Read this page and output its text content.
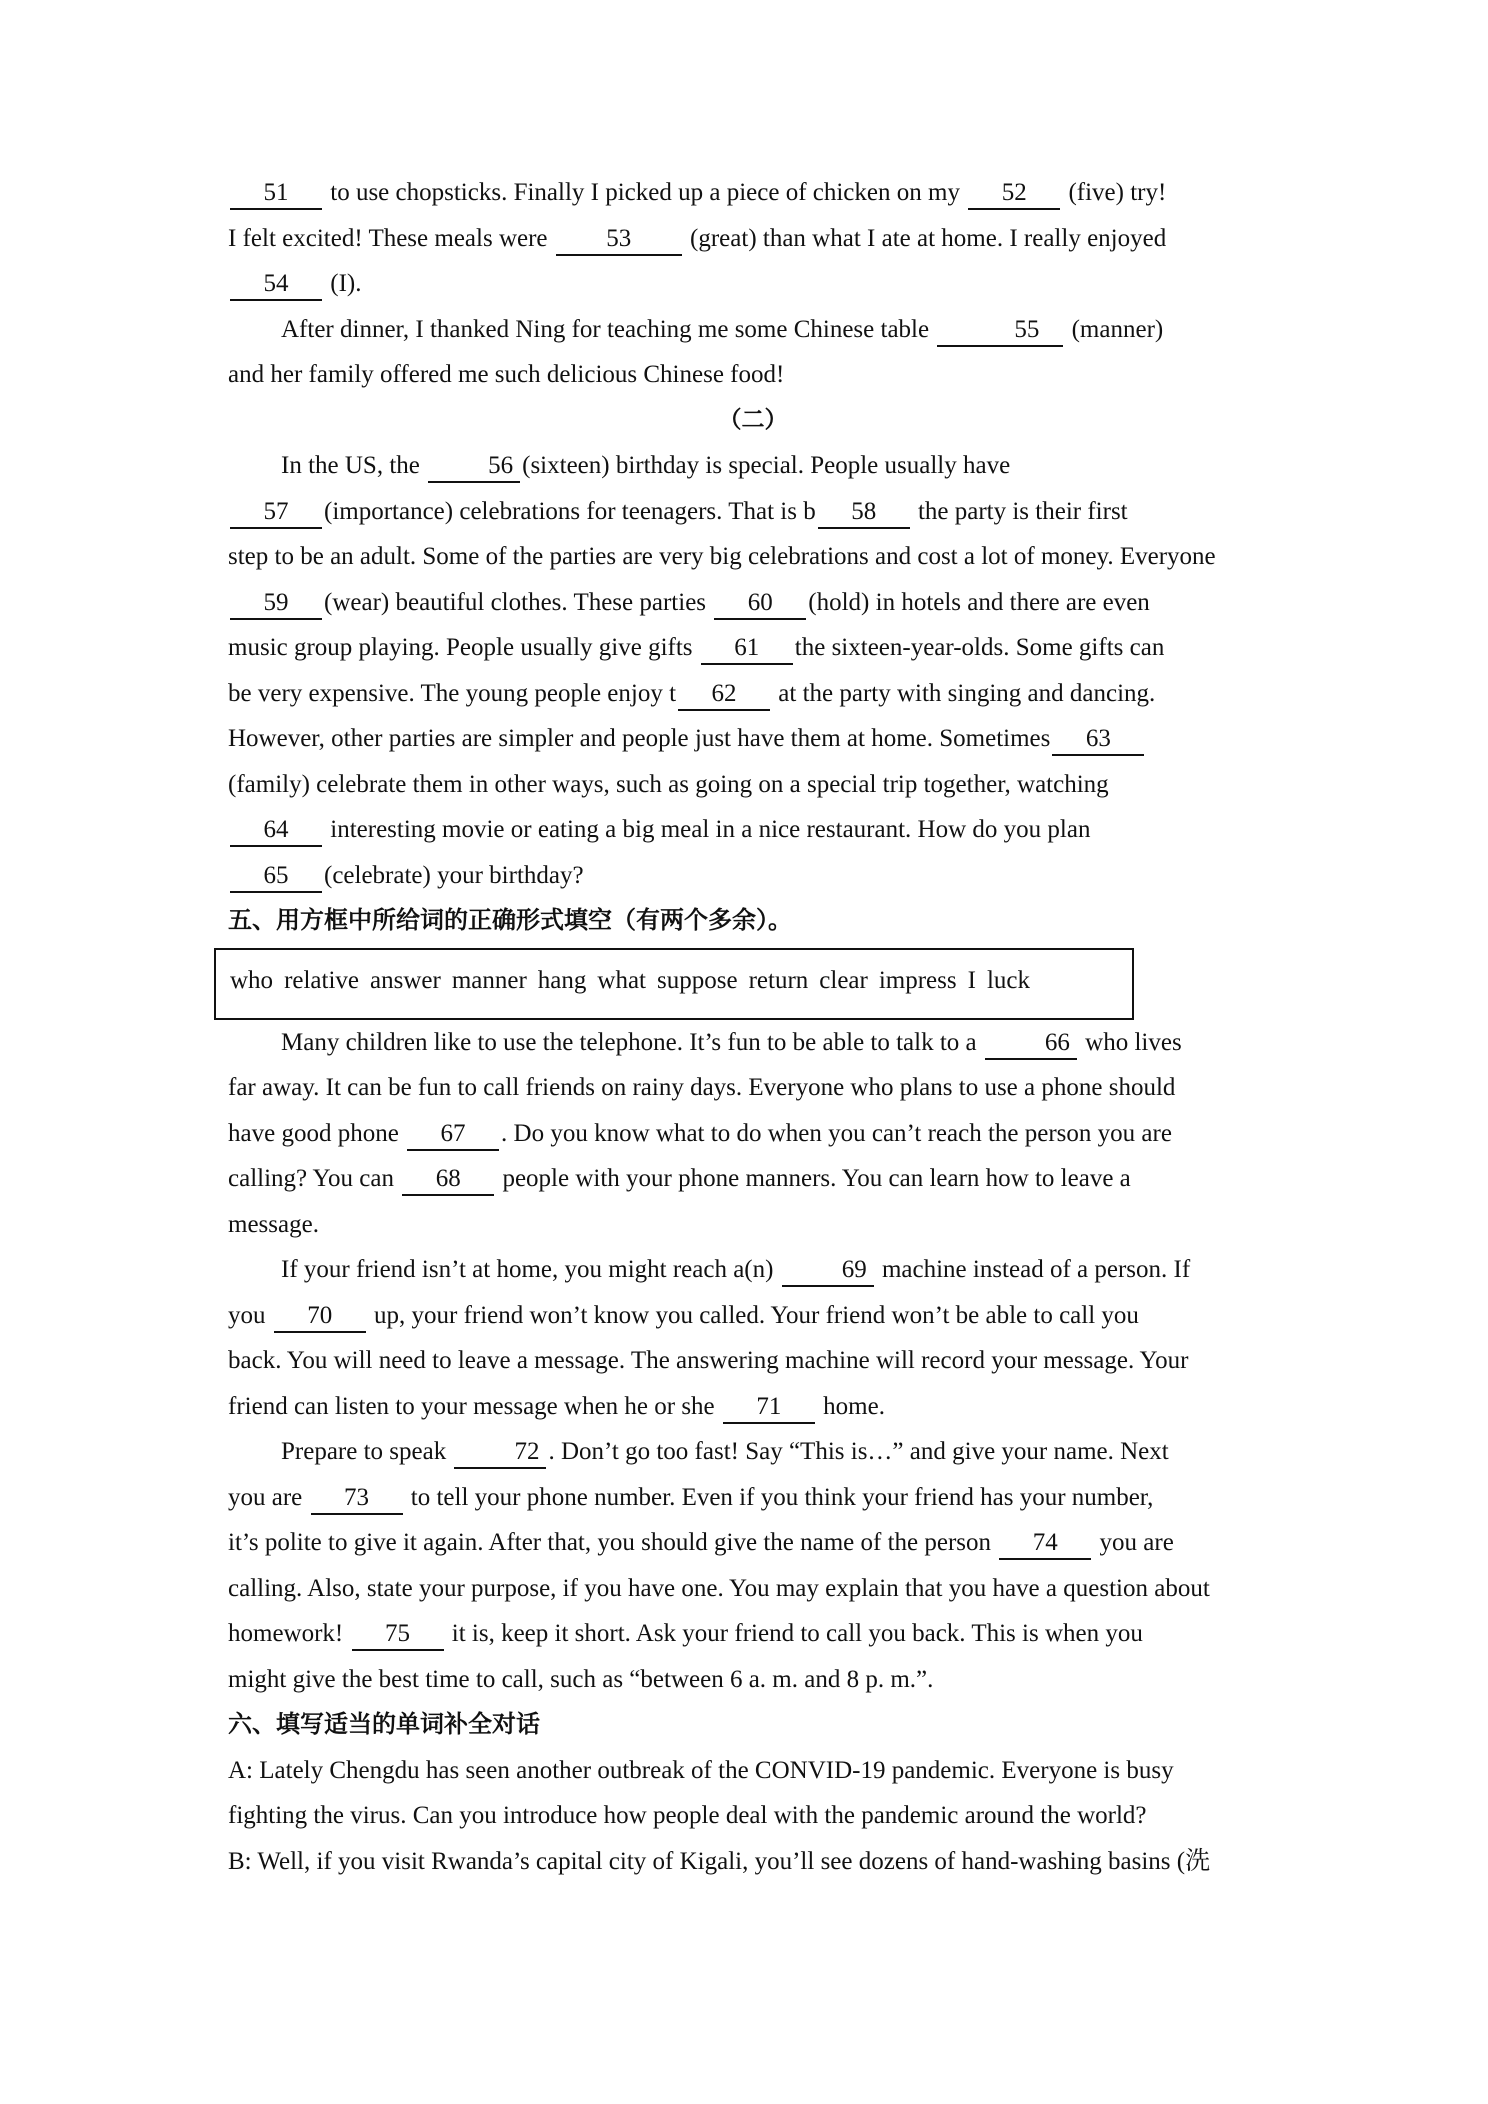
51 to use chopsticks. Finally I picked up a piece of chicken on my 52 (five) try!
I felt excited! These meals were 53 (great) than what I ate at home. I really enjoyed
54 (I).
After dinner, I thanked Ning for teaching me some Chinese table	55 (manner)
and her family offered me such delicious Chinese food!
（二）
In the US, the 56 (sixteen) birthday is special. People usually have
57 (importance) celebrations for teenagers. That is b 58 the party is their first
step to be an adult. Some of the parties are very big celebrations and cost a lot of money. Everyone
59 (wear) beautiful clothes. These parties 60 (hold) in hotels and there are even
music group playing. People usually give gifts 61 the sixteen-year-olds. Some gifts can
be very expensive. The young people enjoy t 62 at the party with singing and dancing.
However, other parties are simpler and people just have them at home. Sometimes 63
(family) celebrate them in other ways, such as going on a special trip together, watching
64 interesting movie or eating a big meal in a nice restaurant. How do you plan
65 (celebrate) your birthday?
五、用方框中所给词的正确形式填空（有两个多余）。
who relative answer manner hang what suppose return clear impress I luck
Many children like to use the telephone. It’s fun to be able to talk to a 66 who lives
far away. It can be fun to call friends on rainy days. Everyone who plans to use a phone should
have good phone 67 . Do you know what to do when you can’t reach the person you are
calling? You can 68 people with your phone manners. You can learn how to leave a
message.
If your friend isn’t at home, you might reach a(n) 69 machine instead of a person. If
you 70 up, your friend won’t know you called. Your friend won’t be able to call you
back. You will need to leave a message. The answering machine will record your message. Your
friend can listen to your message when he or she 71 home.
Prepare to speak 72 . Don’t go too fast! Say “This is…” and give your name. Next
you are 73 to tell your phone number. Even if you think your friend has your number,
it’s polite to give it again. After that, you should give the name of the person 74 you are
calling. Also, state your purpose, if you have one. You may explain that you have a question about
homework! 75 it is, keep it short. Ask your friend to call you back. This is when you
might give the best time to call, such as “between 6 a. m. and 8 p. m.”.
六、填写适当的单词补全对话
A: Lately Chengdu has seen another outbreak of the CONVID-19 pandemic. Everyone is busy
fighting the virus. Can you introduce how people deal with the pandemic around the world?
B: Well, if you visit Rwanda’s capital city of Kigali, you’ll see dozens of hand-washing basins (洗
